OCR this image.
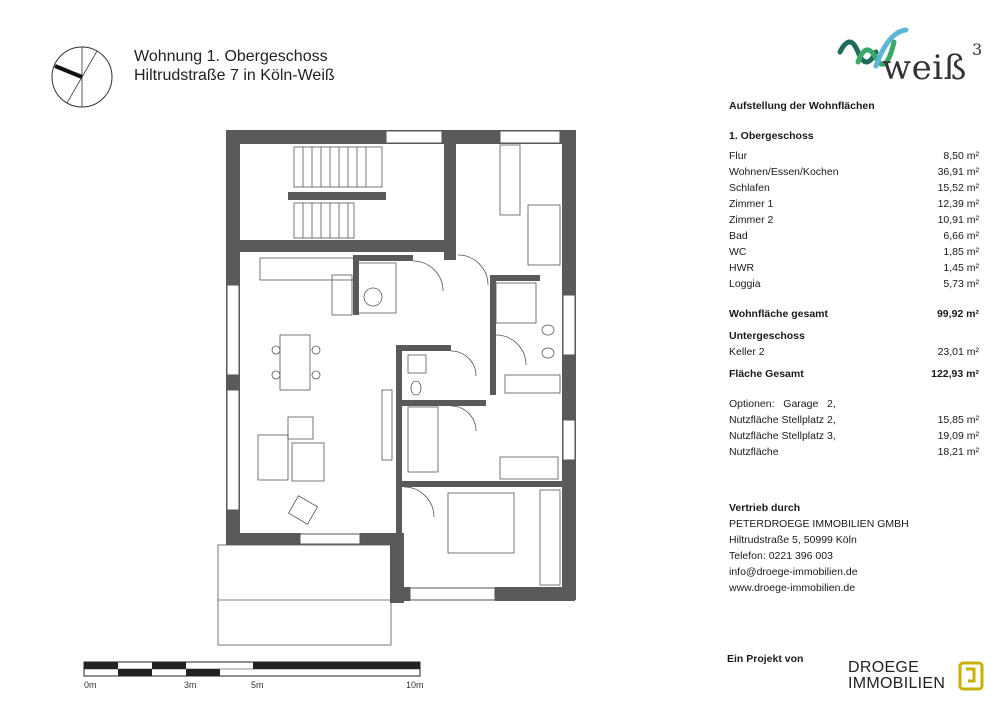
Wohnung 1. Obergeschoss
Hiltrudstraße 7 in Köln-Weiß	weiß 3
0m	3m	5m	10m
Aufstellung der Wohnflächen
1. Obergeschoss
Flur	8,50 m²
Wohnen/Essen/Kochen	36,91 m²
Schlafen	15,52 m²
Zimmer 1	12,39 m²
Zimmer 2	10,91 m²
Bad	6,66 m²
WC	1,85 m²
HWR	1,45 m²
Loggia	5,73 m²
Wohnfläche gesamt	99,92 m²
Untergeschoss
Keller 2	23,01 m²
Fläche Gesamt	122,93 m²
Optionen:   Garage   2,
Nutzfläche Stellplatz 2,	15,85 m²
Nutzfläche Stellplatz 3,	19,09 m²
Nutzfläche	18,21 m²
Vertrieb durch
PETERDROEGE IMMOBILIEN GMBH
Hiltrudstraße 5, 50999 Köln
Telefon: 0221 396 003
info@droege-immobilien.de
www.droege-immobilien.de
Ein Projekt von	DROEGE
IMMOBILIEN
